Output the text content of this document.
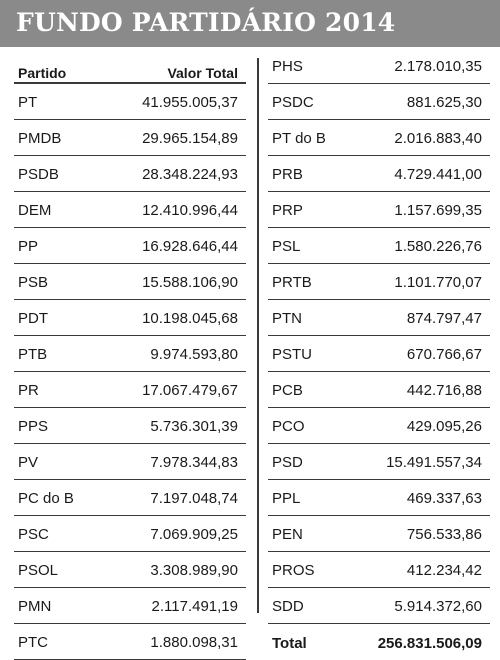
FUNDO PARTIDÁRIO 2014
Partido	Valor Total
PT	41.955.005,37
PMDB	29.965.154,89
PSDB	28.348.224,93
DEM	12.410.996,44
PP	16.928.646,44
PSB	15.588.106,90
PDT	10.198.045,68
PTB	9.974.593,80
PR	17.067.479,67
PPS	5.736.301,39
PV	7.978.344,83
PC do B	7.197.048,74
PSC	7.069.909,25
PSOL	3.308.989,90
PMN	2.117.491,19
PTC	1.880.098,31
PHS	2.178.010,35
PSDC	881.625,30
PT do B	2.016.883,40
PRB	4.729.441,00
PRP	1.157.699,35
PSL	1.580.226,76
PRTB	1.101.770,07
PTN	874.797,47
PSTU	670.766,67
PCB	442.716,88
PCO	429.095,26
PSD	15.491.557,34
PPL	469.337,63
PEN	756.533,86
PROS	412.234,42
SDD	5.914.372,60
Total	256.831.506,09
